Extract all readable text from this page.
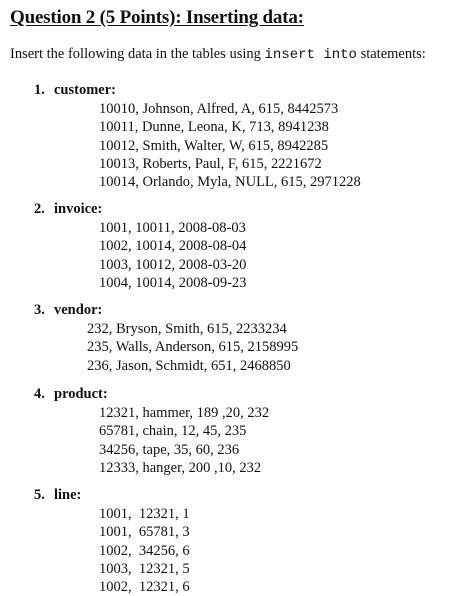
Question 2 (5 Points): Inserting data:
Insert the following data in the tables using insert into statements:
1. customer:
10010, Johnson, Alfred, A, 615, 8442573
10011, Dunne, Leona, K, 713, 8941238
10012, Smith, Walter, W, 615, 8942285
10013, Roberts, Paul, F, 615, 2221672
10014, Orlando, Myla, NULL, 615, 2971228
2. invoice:
1001, 10011, 2008-08-03
1002, 10014, 2008-08-04
1003, 10012, 2008-03-20
1004, 10014, 2008-09-23
3. vendor:
232, Bryson, Smith, 615, 2233234
235, Walls, Anderson, 615, 2158995
236, Jason, Schmidt, 651, 2468850
4. product:
12321, hammer, 189 ,20, 232
65781, chain, 12, 45, 235
34256, tape, 35, 60, 236
12333, hanger, 200 ,10, 232
5. line:
1001,  12321, 1
1001,  65781, 3
1002,  34256, 6
1003,  12321, 5
1002,  12321, 6
